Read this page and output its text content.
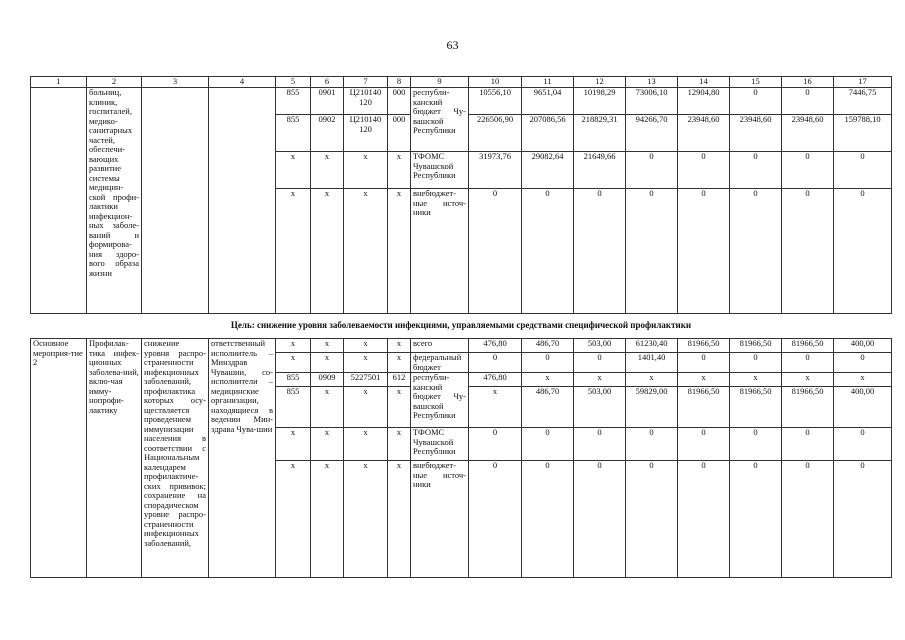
63
1	2	3	4	5	6	7	8	9	10	11	12	13	14	15	16	17
	больниц, клиник, госпиталей, медико-санитарных частей, обеспечи-вающих развитие системы медицин-ской профи-лактики инфекцион-ных заболе-ваний и формирова-ния здоро-вого образа жизни			855	0901	Ц210140 120	000	республи-канский бюджет Чу-вашской Республики	10556,10	9651,04	10198,29	73006,10	12904,80	0	0	7446,75
				855	0902	Ц210140 120	000		226506,90	207086,56	218829,31	94266,70	23948,60	23948,60	23948,60	159788,10
				x	x	x	x	ТФОМС Чувашской Республики	31973,76	29082,64	21649,66	0	0	0	0	0
				x	x	x	x	внебюджет-ные источ-ники	0	0	0	0	0	0	0	0
Цель: снижение уровня заболеваемости инфекциями, управляемыми средствами специфической профилактики																
Основное мероприя-тие 2	Профилак-тика инфек-ционных заболева-ний, вклю-чая имму-нопрофи-лактику	снижение уровня распро-страненности инфекционных заболеваний, профилактика которых осу-ществляется проведением иммунизации населения в соответствии с Национальным календарем профилактиче-ских прививок; сохранение на спорадическом уровне распро-страненности инфекционных заболеваний,	ответственный исполнитель – Минздрав Чувашии, со-исполнители – медицинские организации, находящиеся в ведении Мин-здрава Чува-шии	x	x	x	x	всего	476,80	486,70	503,00	61230,40	81966,50	81966,50	81966,50	400,00
				x	x	x	x	федеральный бюджет	0	0	0	1401,40	0	0	0	0
				855	0909	5227501	612	республи-канский бюджет Чу-вашской Республики	476,80	x	x	x	x	x	x	x
				855	x	x	x		x	486,70	503,00	59829,00	81966,50	81966,50	81966,50	400,00
				x	x	x	x	ТФОМС Чувашской Республики	0	0	0	0	0	0	0	0
				x	x	x	x	внебюджет-ные источ-ники	0	0	0	0	0	0	0	0
